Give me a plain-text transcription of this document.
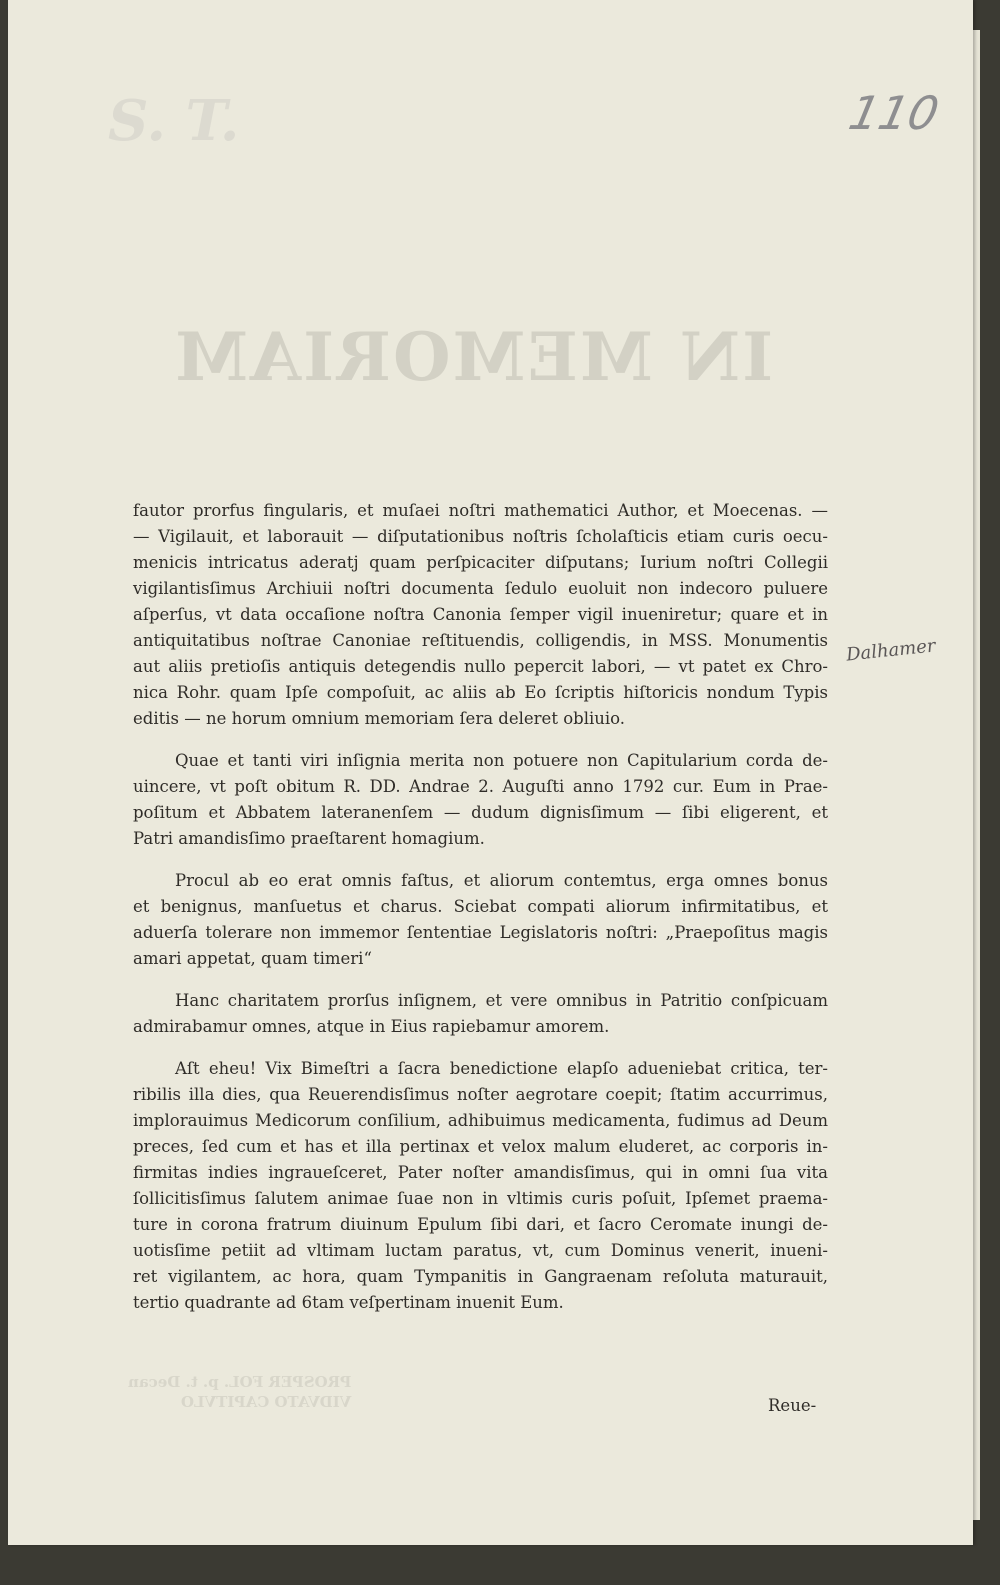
S. T.
IN MEMORIAM
PROSPER FOL. p. t. Decan
VIDVATO CAPITVLO
110
Dalhamer
fautor prorfus fingularis, et muſaei noſtri mathematici Author, et Moecenas. —
— Vigilauit, et laborauit — diſputationibus noſtris ſcholaſticis etiam curis oecu-
menicis intricatus aderatj quam perſpicaciter diſputans; Iurium noſtri Collegii
vigilantisſimus Archiuii noſtri documenta ſedulo euoluit non indecoro puluere
aſperſus, vt data occaſione noſtra Canonia ſemper vigil inueniretur; quare et in
antiquitatibus noſtrae Canoniae reſtituendis, colligendis, in MSS. Monumentis
aut aliis pretioſis antiquis detegendis nullo pepercit labori, — vt patet ex Chro-
nica Rohr. quam Ipſe compoſuit, ac aliis ab Eo ſcriptis hiſtoricis nondum Typis
editis — ne horum omnium memoriam ſera deleret obliuio.
Quae et tanti viri inſignia merita non potuere non Capitularium corda de-
uincere, vt poſt obitum R. DD. Andrae 2. Auguſti anno 1792 cur. Eum in Prae-
poſitum et Abbatem lateranenſem — dudum dignisſimum — ſibi eligerent, et
Patri amandisſimo praeſtarent homagium.
Procul ab eo erat omnis faſtus, et aliorum contemtus, erga omnes bonus
et benignus, manſuetus et charus. Sciebat compati aliorum infirmitatibus, et
aduerſa tolerare non immemor ſententiae Legislatoris noſtri: „Praepoſitus magis
amari appetat, quam timeri“
Hanc charitatem prorſus inſignem, et vere omnibus in Patritio conſpicuam
admirabamur omnes, atque in Eius rapiebamur amorem.
Aſt eheu! Vix Bimeſtri a ſacra benedictione elapſo adueniebat critica, ter-
ribilis illa dies, qua Reuerendisſimus noſter aegrotare coepit; ſtatim accurrimus,
implorauimus Medicorum conſilium, adhibuimus medicamenta, fudimus ad Deum
preces, ſed cum et has et illa pertinax et velox malum eluderet, ac corporis in-
firmitas indies ingraueſceret, Pater noſter amandisſimus, qui in omni ſua vita
ſollicitisſimus ſalutem animae ſuae non in vltimis curis poſuit, Ipſemet praema-
ture in corona fratrum diuinum Epulum ſibi dari, et ſacro Ceromate inungi de-
uotisſime petiit ad vltimam luctam paratus, vt, cum Dominus venerit, inueni-
ret vigilantem, ac hora, quam Tympanitis in Gangraenam reſoluta maturauit,
tertio quadrante ad 6tam veſpertinam inuenit Eum.
Reue-
